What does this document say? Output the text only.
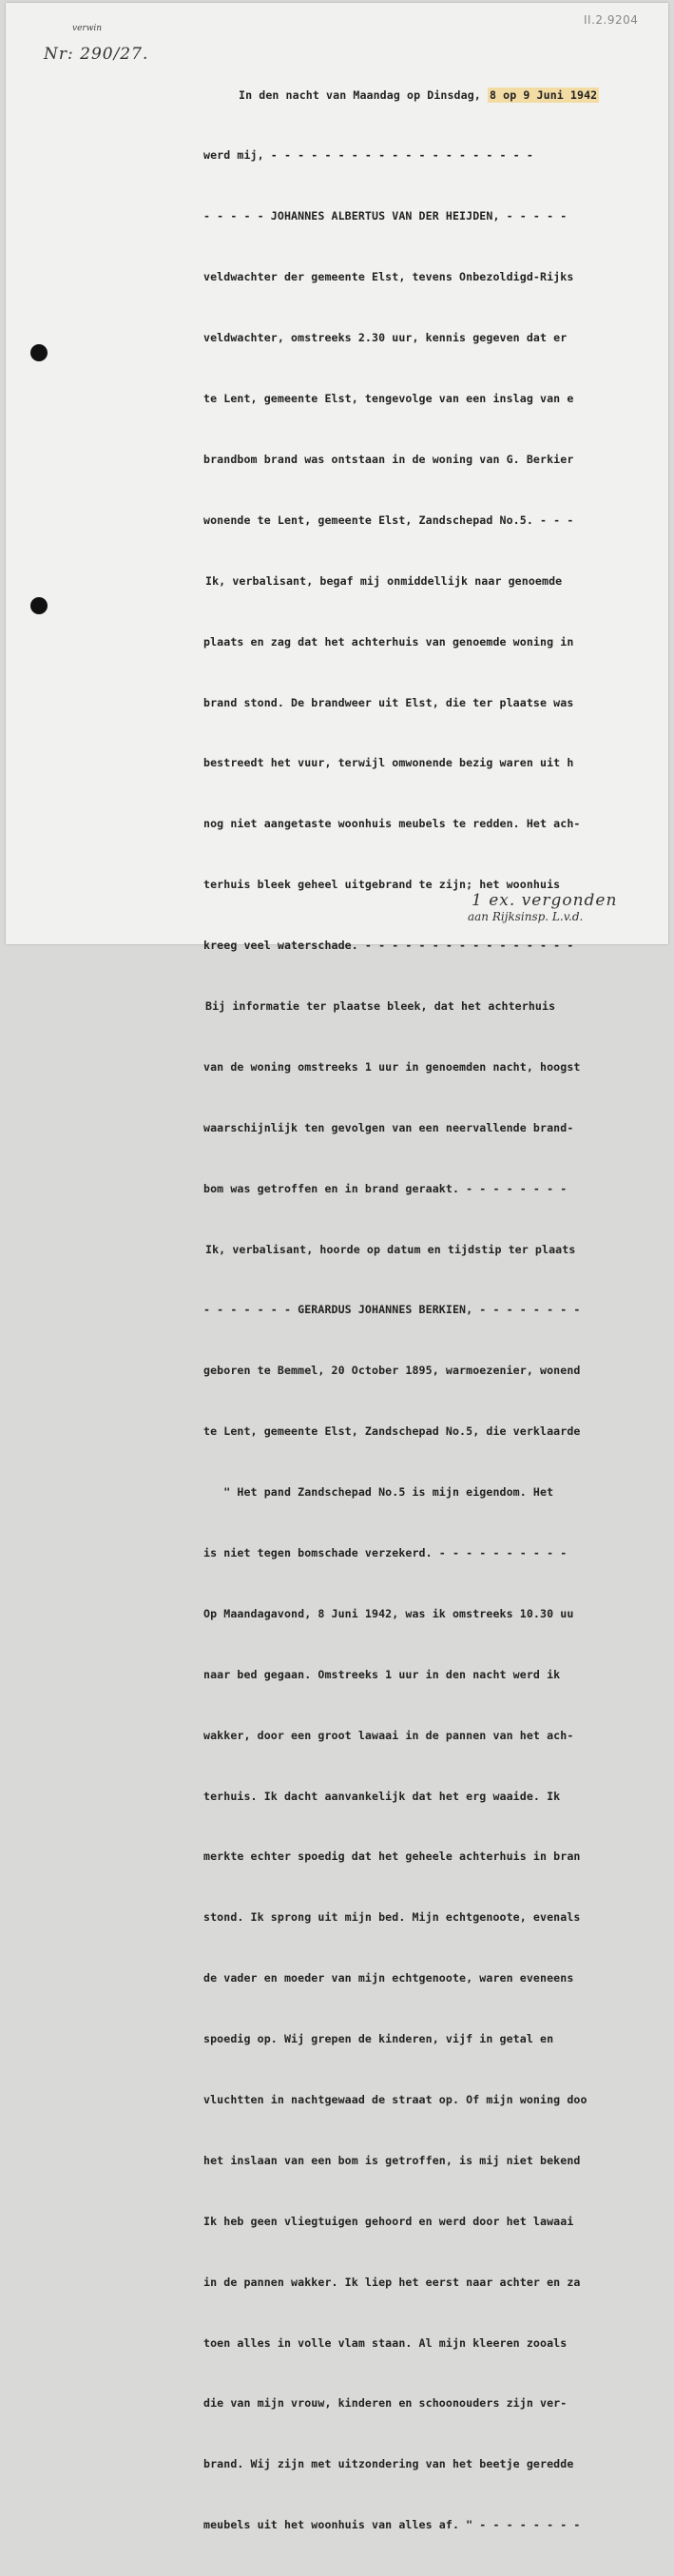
II.2.9204
verwin
Nr: 290/27.

In den nacht van Maandag op Dinsdag, 8 op 9 Juni 1942

werd mij, - - - - - - - - - - - - - - - - - - - -

- - - - - JOHANNES ALBERTUS VAN DER HEIJDEN, - - - - -

veldwachter der gemeente Elst, tevens Onbezoldigd-Rijks

veldwachter, omstreeks 2.30 uur, kennis gegeven dat er

te Lent, gemeente Elst, tengevolge van een inslag van e

brandbom brand was ontstaan in de woning van G. Berkier

wonende te Lent, gemeente Elst, Zandschepad No.5. - - -

Ik, verbalisant, begaf mij onmiddellijk naar genoemde

plaats en zag dat het achterhuis van genoemde woning in

brand stond. De brandweer uit Elst, die ter plaatse was

bestreedt het vuur, terwijl omwonende bezig waren uit h

nog niet aangetaste woonhuis meubels te redden. Het ach-

terhuis bleek geheel uitgebrand te zijn; het woonhuis

kreeg veel waterschade. - - - - - - - - - - - - - - - -

Bij informatie ter plaatse bleek, dat het achterhuis

van de woning omstreeks 1 uur in genoemden nacht, hoogst

waarschijnlijk ten gevolgen van een neervallende brand-

bom was getroffen en in brand geraakt. - - - - - - - -

Ik, verbalisant, hoorde op datum en tijdstip ter plaats

- - - - - - - GERARDUS JOHANNES BERKIEN, - - - - - - - -

geboren te Bemmel, 20 October 1895, warmoezenier, wonend

te Lent, gemeente Elst, Zandschepad No.5, die verklaarde

" Het pand Zandschepad No.5 is mijn eigendom. Het

is niet tegen bomschade verzekerd. - - - - - - - - - -

Op Maandagavond, 8 Juni 1942, was ik omstreeks 10.30 uu

naar bed gegaan. Omstreeks 1 uur in den nacht werd ik

wakker, door een groot lawaai in de pannen van het ach-

terhuis. Ik dacht aanvankelijk dat het erg waaide. Ik

merkte echter spoedig dat het geheele achterhuis in bran

stond. Ik sprong uit mijn bed. Mijn echtgenoote, evenals

de vader en moeder van mijn echtgenoote, waren eveneens

spoedig op. Wij grepen de kinderen, vijf in getal en

vluchtten in nachtgewaad de straat op. Of mijn woning doo

het inslaan van een bom is getroffen, is mij niet bekend

Ik heb geen vliegtuigen gehoord en werd door het lawaai

in de pannen wakker. Ik liep het eerst naar achter en za

toen alles in volle vlam staan. Al mijn kleeren zooals

die van mijn vrouw, kinderen en schoonouders zijn ver-

brand. Wij zijn met uitzondering van het beetje geredde

meubels uit het woonhuis van alles af. " - - - - - - - -

1 ex. vergonden
aan Rijksinsp. L.v.d.
